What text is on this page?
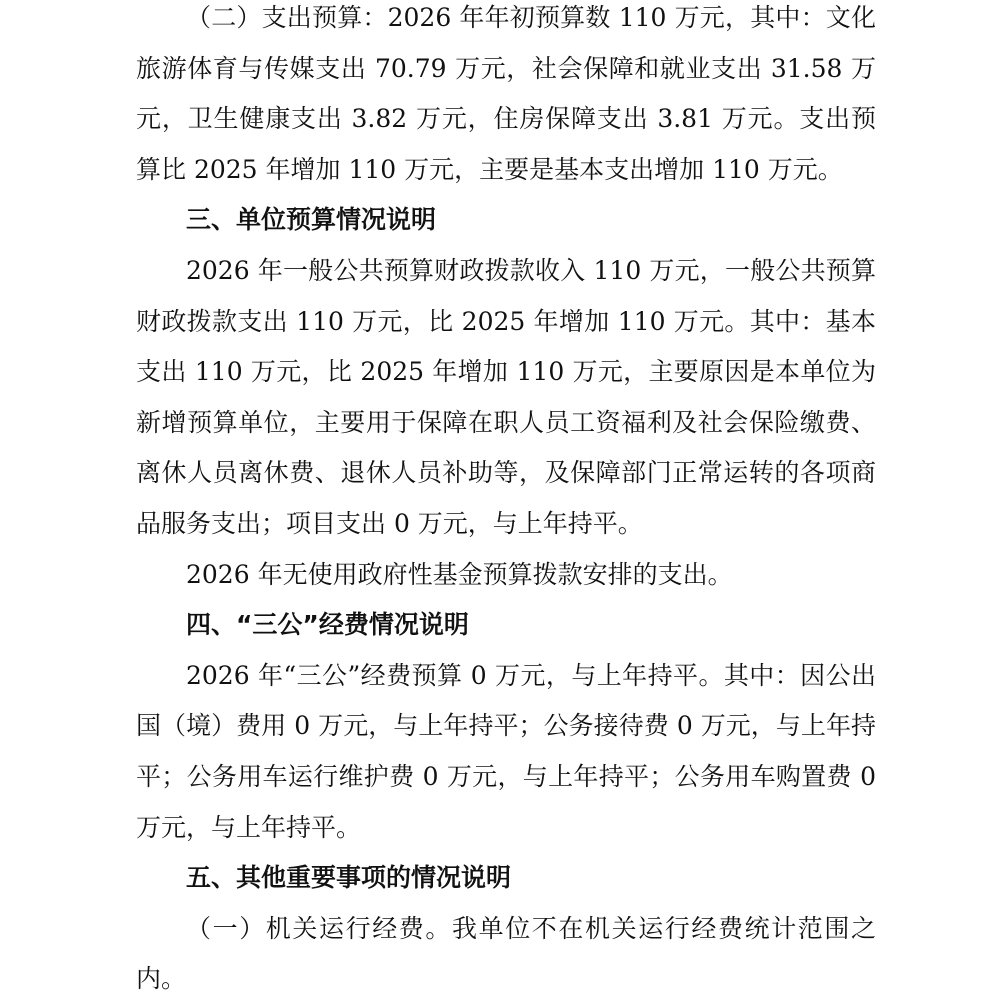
（二）支出预算：2026 年年初预算数 110 万元，其中：文化旅游体育与传媒支出 70.79 万元，社会保障和就业支出 31.58 万元，卫生健康支出 3.82 万元，住房保障支出 3.81 万元。支出预算比 2025 年增加 110 万元，主要是基本支出增加 110 万元。

三、单位预算情况说明

2026 年一般公共预算财政拨款收入 110 万元，一般公共预算财政拨款支出 110 万元，比 2025 年增加 110 万元。其中：基本支出 110 万元，比 2025 年增加 110 万元，主要原因是本单位为新增预算单位，主要用于保障在职人员工资福利及社会保险缴费、离休人员离休费、退休人员补助等，及保障部门正常运转的各项商品服务支出；项目支出 0 万元，与上年持平。

2026 年无使用政府性基金预算拨款安排的支出。

四、“三公”经费情况说明

2026 年“三公”经费预算 0 万元，与上年持平。其中：因公出国（境）费用 0 万元，与上年持平；公务接待费 0 万元，与上年持平；公务用车运行维护费 0 万元，与上年持平；公务用车购置费 0 万元，与上年持平。

五、其他重要事项的情况说明

（一）机关运行经费。我单位不在机关运行经费统计范围之内。
